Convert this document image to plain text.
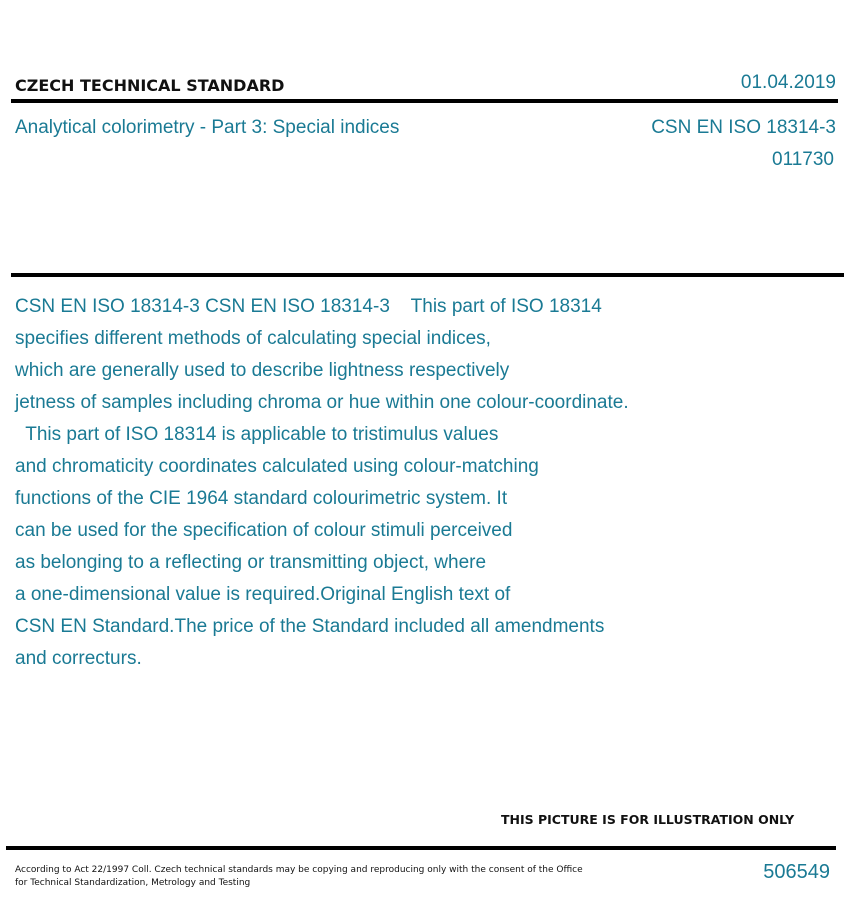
CZECH TECHNICAL STANDARD	01.04.2019
Analytical colorimetry - Part 3: Special indices	CSN EN ISO 18314-3
011730
CSN EN ISO 18314-3 CSN EN ISO 18314-3    This part of ISO 18314
specifies different methods of calculating special indices,
which are generally used to describe lightness respectively
jetness of samples including chroma or hue within one colour-coordinate.
This part of ISO 18314 is applicable to tristimulus values
and chromaticity coordinates calculated using colour-matching
functions of the CIE 1964 standard colourimetric system. It
can be used for the specification of colour stimuli perceived
as belonging to a reflecting or transmitting object, where
a one-dimensional value is required.Original English text of
CSN EN Standard.The price of the Standard included all amendments
and correcturs.
THIS PICTURE IS FOR ILLUSTRATION ONLY
According to Act 22/1997 Coll. Czech technical standards may be copying and reproducing only with the consent of the Office
for Technical Standardization, Metrology and Testing	506549
